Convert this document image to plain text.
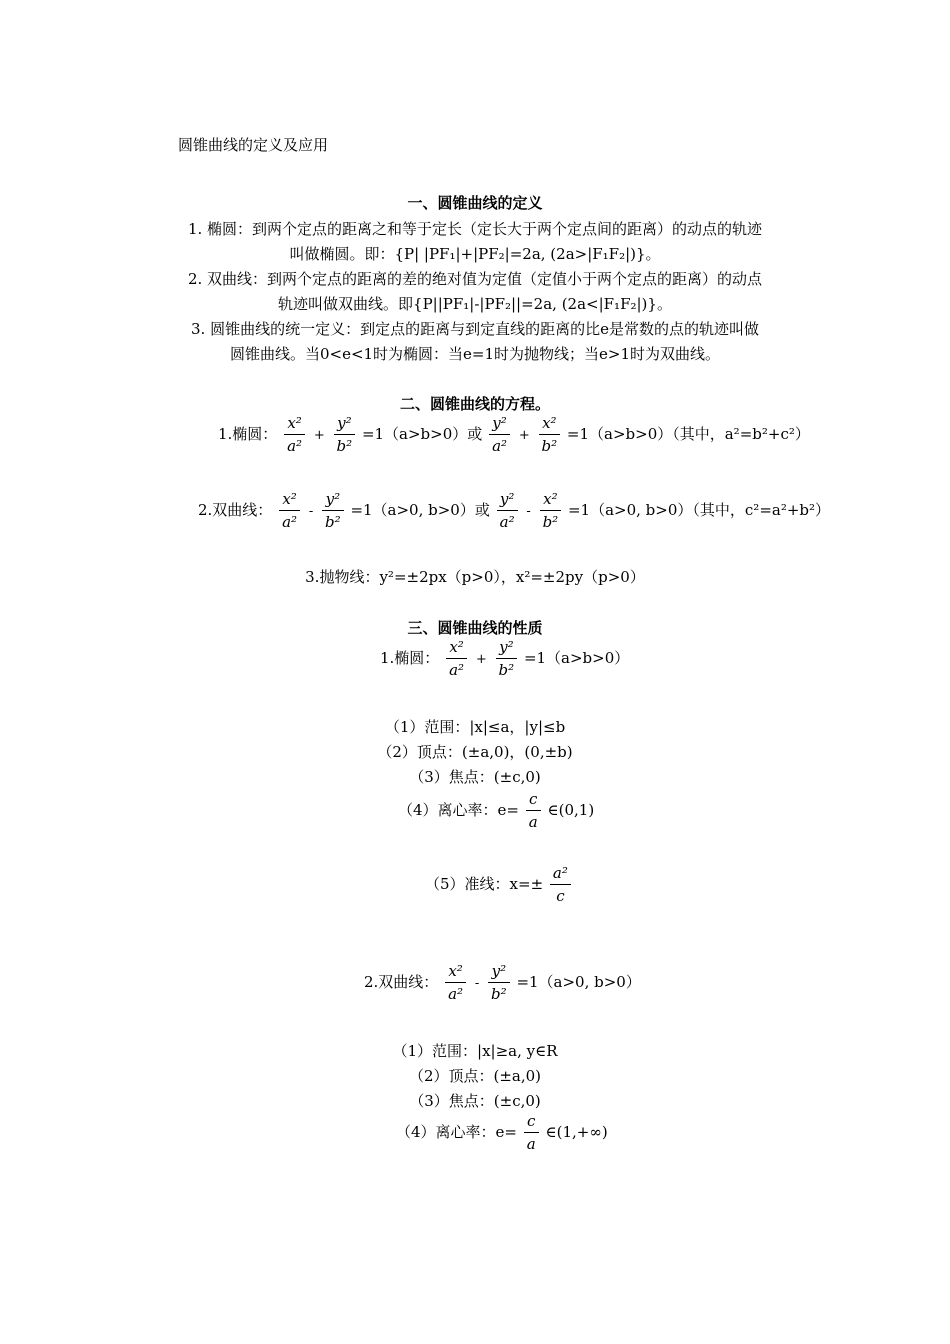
圆锥曲线的定义及应用
一、圆锥曲线的定义
1. 椭圆：到两个定点的距离之和等于定长（定长大于两个定点间的距离）的动点的轨迹
叫做椭圆。即：{P| |PF₁|+|PF₂|=2a, (2a>|F₁F₂|)}。
2. 双曲线：到两个定点的距离的差的绝对值为定值（定值小于两个定点的距离）的动点
轨迹叫做双曲线。即{P||PF₁|-|PF₂||=2a, (2a<|F₁F₂|)}。
3. 圆锥曲线的统一定义：到定点的距离与到定直线的距离的比e是常数的点的轨迹叫做
圆锥曲线。当0<e<1时为椭圆：当e=1时为抛物线；当e>1时为双曲线。
二、圆锥曲线的方程。
1.椭圆： $\frac{\text{x²}}{\text{a²}} + \frac{\text{y²}}{\text{b²}} =1(a>b>0)$或 $\frac{\text{y²}}{\text{a²}} + \frac{\text{x²}}{\text{b²}} =1(a>b>0)$（其中，a²=b²+c²）
2.双曲线： $\frac{\text{x²}}{\text{a²}} - \frac{\text{y²}}{\text{b²}} =1(a>0$, b>0）或 $\frac{\text{y²}}{\text{a²}} - \frac{\text{x²}}{\text{b²}} =1(a>0$, b>0）（其中，c²=a²+b²）
3.抛物线：y²=±2px（p>0），x²=±2py（p>0）
三、圆锥曲线的性质
1.椭圆： $\frac{\text{x²}}{\text{a²}} + \frac{\text{y²}}{\text{b²}} =1(a>b>0)$
（1）范围：|x|≤a，|y|≤b
（2）顶点：(±a,0)，(0,±b)
（3）焦点：(±c,0)
（4）离心率：$e= \frac{c}{a}$ ∈(0,1)
（5）准线：$x=\pm \frac{\text{a²}}{c}$
2.双曲线： $\frac{\text{x²}}{\text{a²}} - \frac{\text{y²}}{\text{b²}} =1(a>0$, b>0）
（1）范围：|x|≥a, y∈R
（2）顶点：(±a,0)
（3）焦点：(±c,0)
（4）离心率：$e= \frac{c}{a}$ ∈(1,+∞)
